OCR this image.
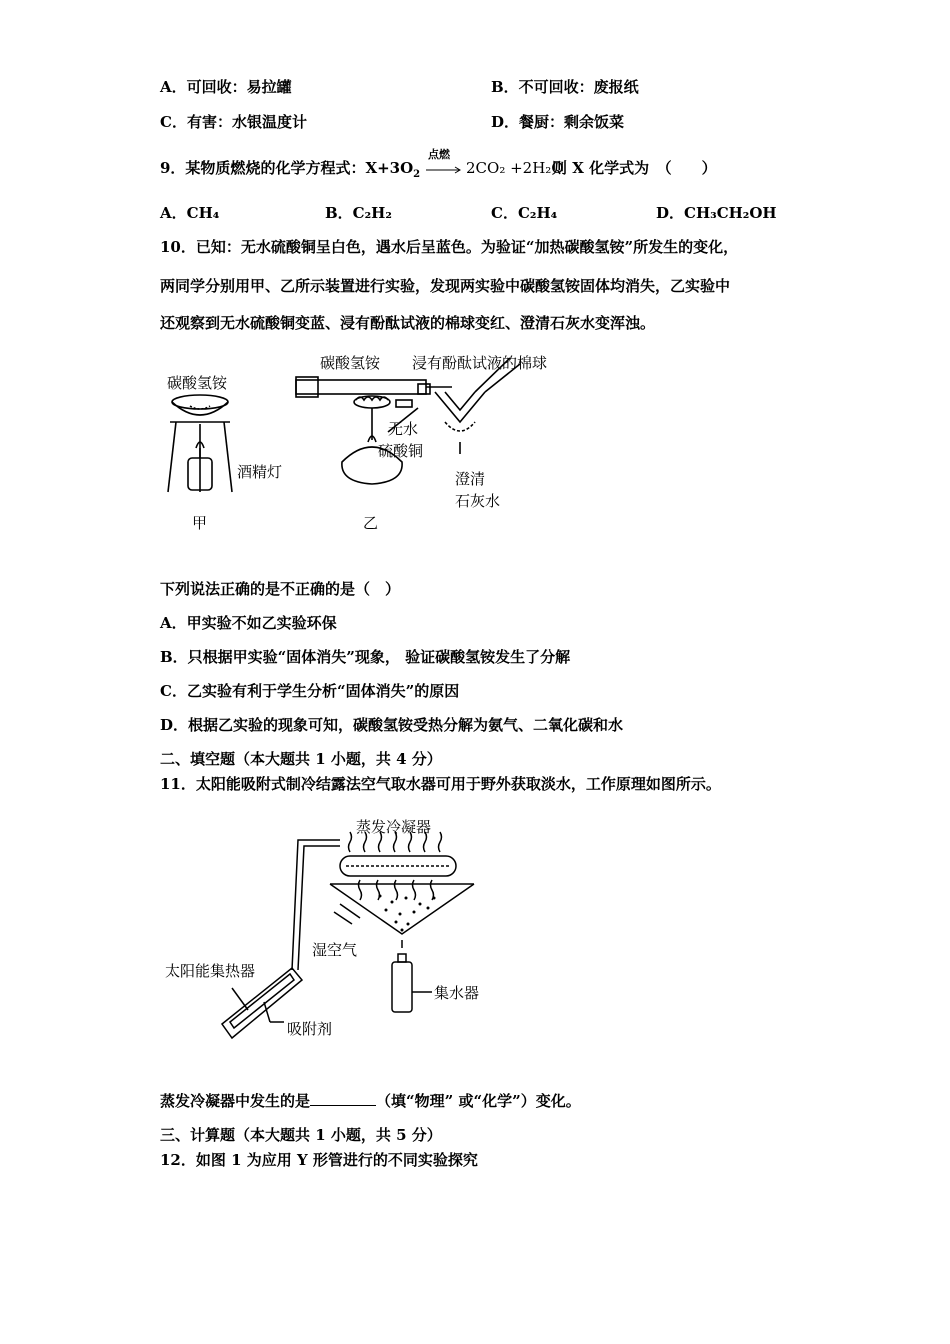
A．可回收：易拉罐	B．不可回收：废报纸
C．有害：水银温度计	D．餐厨：剩余饭菜
9．某物质燃烧的化学方程式：$X+3O_2$
点燃
→ 2CO₂ +2H₂O
则 X 化学式为　（　　）
A．CH₄	B．C₂H₂	C．C₂H₄	D．CH₃CH₂OH
10．已知：无水硫酸铜呈白色，遇水后呈蓝色。为验证“加热碳酸氢铵”所发生的变化，
两同学分别用甲、乙所示装置进行实验，发现两实验中碳酸氢铵固体均消失，乙实验中
还观察到无水硫酸铜变蓝、浸有酚酞试液的棉球变红、澄清石灰水变浑浊。
碳酸氢铵
酒精灯
甲
碳酸氢铵 浸有酚酞试液的棉球
无水
硫酸铜
澄清
石灰水
乙
下列说法正确的是不正确的是（　）
A．甲实验不如乙实验环保
B．只根据甲实验“固体消失”现象， 验证碳酸氢铵发生了分解
C．乙实验有利于学生分析“固体消失”的原因
D．根据乙实验的现象可知，碳酸氢铵受热分解为氨气、二氧化碳和水
二、填空题（本大题共 1 小题，共 4 分）
11．太阳能吸附式制冷结露法空气取水器可用于野外获取淡水，工作原理如图所示。
蒸发冷凝器
湿空气
太阳能集热器
集水器
吸附剂
蒸发冷凝器中发生的是	（填“物理” 或“化学”）变化。
三、计算题（本大题共 1 小题，共 5 分）
12．如图 1 为应用 Y 形管进行的不同实验探究
